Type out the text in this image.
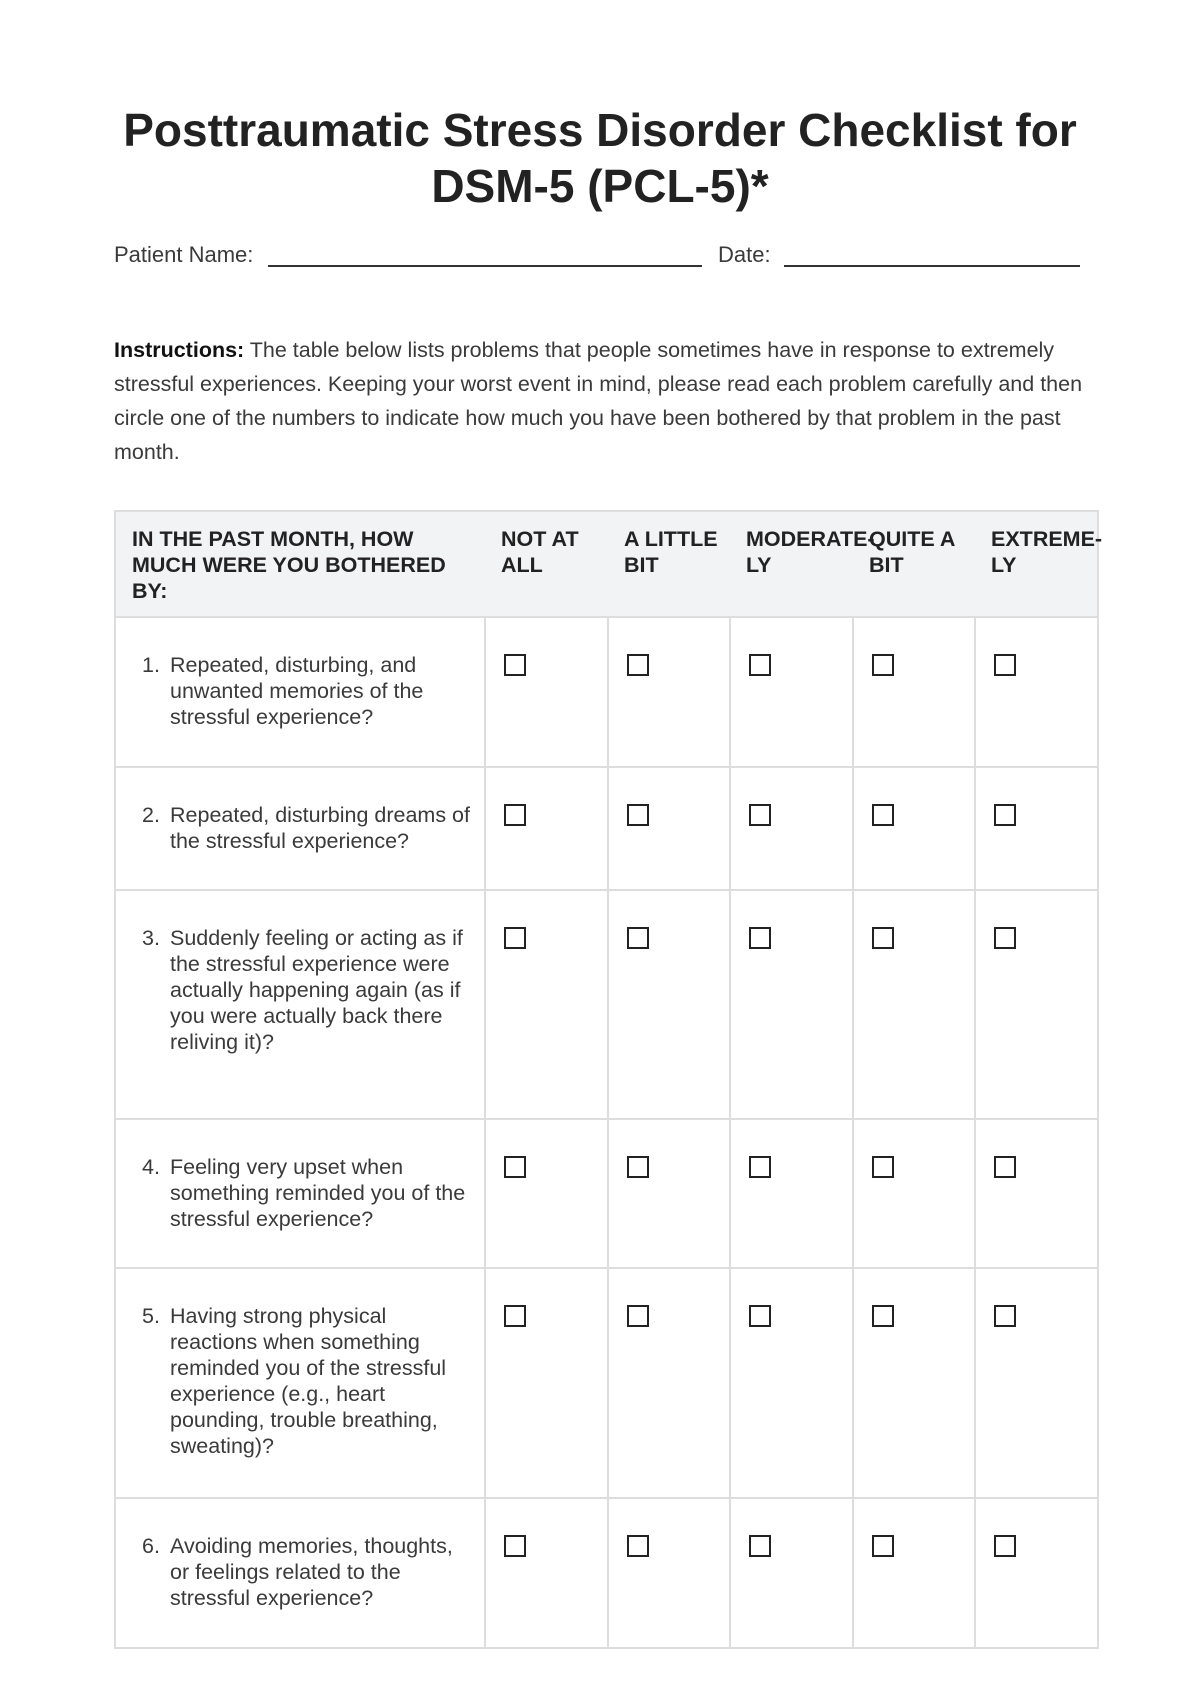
Posttraumatic Stress Disorder Checklist for
DSM-5 (PCL-5)*
Patient Name:	Date:

Instructions: The table below lists problems that people sometimes have in response to extremely stressful experiences. Keeping your worst event in mind, please read each problem carefully and then circle one of the numbers to indicate how much you have been bothered by that problem in the past month.

IN THE PAST MONTH, HOW MUCH WERE YOU BOTHERED BY:	NOT AT ALL	A LITTLE BIT	MODERATE- LY	QUITE A BIT	EXTREME- LY

1. Repeated, disturbing, and unwanted memories of the stressful experience?					

2. Repeated, disturbing dreams of the stressful experience?					

3. Suddenly feeling or acting as if the stressful experience were actually happening again (as if you were actually back there reliving it)?					

4. Feeling very upset when something reminded you of the stressful experience?					

5. Having strong physical reactions when something reminded you of the stressful experience (e.g., heart pounding, trouble breathing, sweating)?					

6. Avoiding memories, thoughts, or feelings related to the stressful experience?					
